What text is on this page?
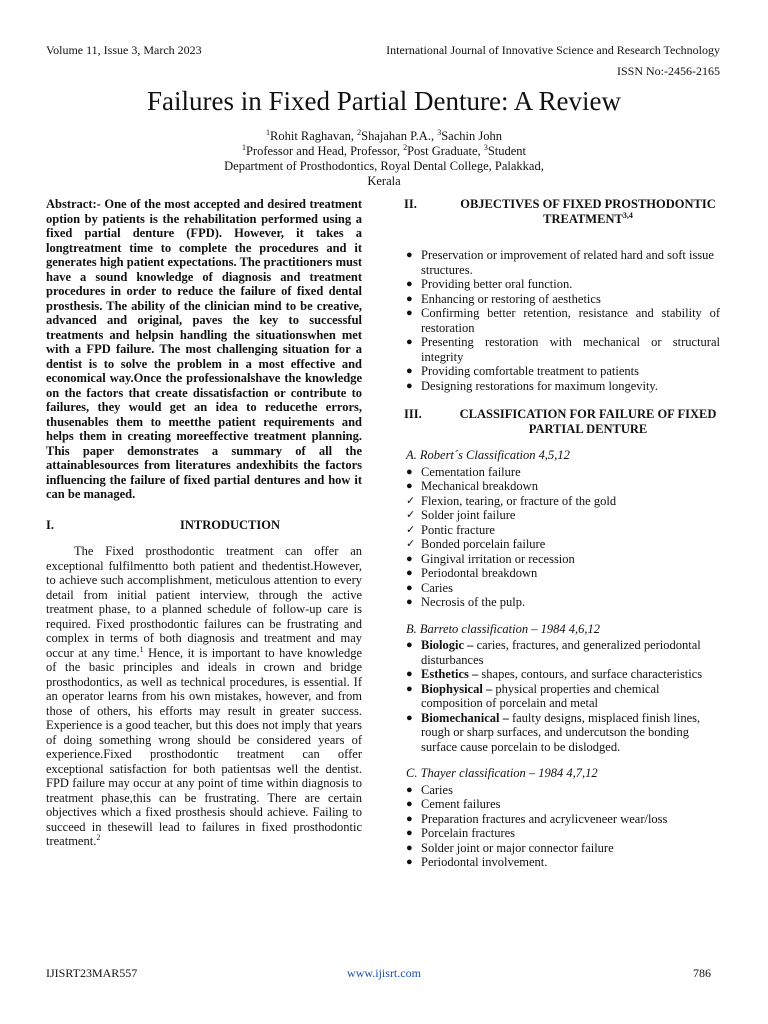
Volume 11, Issue 3, March 2023	International Journal of Innovative Science and Research Technology
ISSN No:-2456-2165
Failures in Fixed Partial Denture: A Review
$^1$Rohit Raghavan, $^2$Shajahan P.A., $^3$Sachin John
$^1$Professor and Head, Professor, $^2$Post Graduate, $^3$Student
Department of Prosthodontics, Royal Dental College, Palakkad,
Kerala

Abstract:- One of the most accepted and desired treatment option by patients is the rehabilitation performed using a fixed partial denture (FPD). However, it takes a longtreatment time to complete the procedures and it generates high patient expectations. The practitioners must have a sound knowledge of diagnosis and treatment procedures in order to reduce the failure of fixed dental prosthesis. The ability of the clinician mind to be creative, advanced and original, paves the key to successful treatments and helpsin handling the situationswhen met with a FPD failure. The most challenging situation for a dentist is to solve the problem in a most effective and economical way.Once the professionalshave the knowledge on the factors that create dissatisfaction or contribute to failures, they would get an idea to reducethe errors, thusenables them to meetthe patient requirements and helps them in creating moreeffective treatment planning. This paper demonstrates a summary of all the attainablesources from literatures andexhibits the factors influencing the failure of fixed partial dentures and how it can be managed.

I.	INTRODUCTION

The Fixed prosthodontic treatment can offer an exceptional fulfilmentto both patient and thedentist.However, to achieve such accomplishment, meticulous attention to every detail from initial patient interview, through the active treatment phase, to a planned schedule of follow-up care is required. Fixed prosthodontic failures can be frustrating and complex in terms of both diagnosis and treatment and may occur at any time.$^1$ Hence, it is important to have knowledge of the basic principles and ideals in crown and bridge prosthodontics, as well as technical procedures, is essential. If an operator learns from his own mistakes, however, and from those of others, his efforts may result in greater success. Experience is a good teacher, but this does not imply that years of doing something wrong should be considered years of experience.Fixed prosthodontic treatment can offer exceptional satisfaction for both patientsas well the dentist. FPD failure may occur at any point of time within diagnosis to treatment phase,this can be frustrating. There are certain objectives which a fixed prosthesis should achieve. Failing to succeed in thesewill lead to failures in fixed prosthodontic treatment.$^2$

II.	OBJECTIVES OF FIXED PROSTHODONTIC TREATMENT$^{3,4}$
● Preservation or improvement of related hard and soft issue structures.
● Providing better oral function.
● Enhancing or restoring of aesthetics
● Confirming better retention, resistance and stability of restoration
● Presenting restoration with mechanical or structural integrity
● Providing comfortable treatment to patients
● Designing restorations for maximum longevity.
III.	CLASSIFICATION FOR FAILURE OF FIXED PARTIAL DENTURE
A. Robert´s Classification 4,5,12
● Cementation failure
● Mechanical breakdown
✓ Flexion, tearing, or fracture of the gold
✓ Solder joint failure
✓ Pontic fracture
✓ Bonded porcelain failure
● Gingival irritation or recession
● Periodontal breakdown
● Caries
● Necrosis of the pulp.
B. Barreto classification – 1984 4,6,12
● Biologic – caries, fractures, and generalized periodontal disturbances
● Esthetics – shapes, contours, and surface characteristics
● Biophysical – physical properties and chemical composition of porcelain and metal
● Biomechanical – faulty designs, misplaced finish lines, rough or sharp surfaces, and undercutson the bonding surface cause porcelain to be dislodged.
C. Thayer classification – 1984 4,7,12
● Caries
● Cement failures
● Preparation fractures and acrylicveneer wear/loss
● Porcelain fractures
● Solder joint or major connector failure
● Periodontal involvement.
IJISRT23MAR557	www.ijisrt.com	786
